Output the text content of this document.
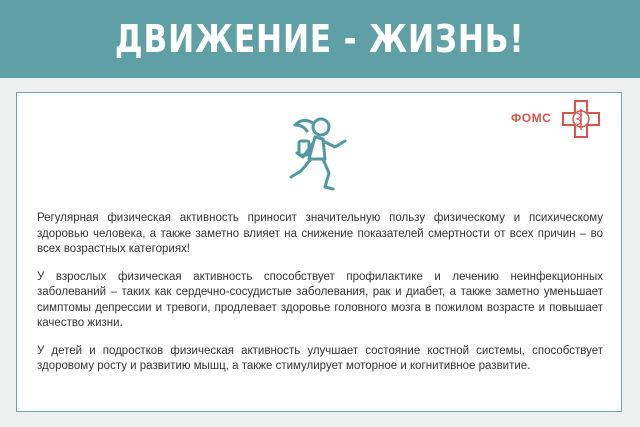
ДВИЖЕНИЕ - ЖИЗНЬ!
ФОМС

Регулярная физическая активность приносит значительную пользу физическому и психическому здоровью человека, а также заметно влияет на снижение показателей смертности от всех причин – во всех возрастных категориях!

У взрослых физическая активность способствует профилактике и лечению неинфекционных заболеваний – таких как сердечно-сосудистые заболевания, рак и диабет, а также заметно уменьшает симптомы депрессии и тревоги, продлевает здоровье головного мозга в пожилом возрасте и повышает качество жизни.

У детей и подростков физическая активность улучшает состояние костной системы, способствует здоровому росту и развитию мышц, а также стимулирует моторное и когнитивное развитие.
